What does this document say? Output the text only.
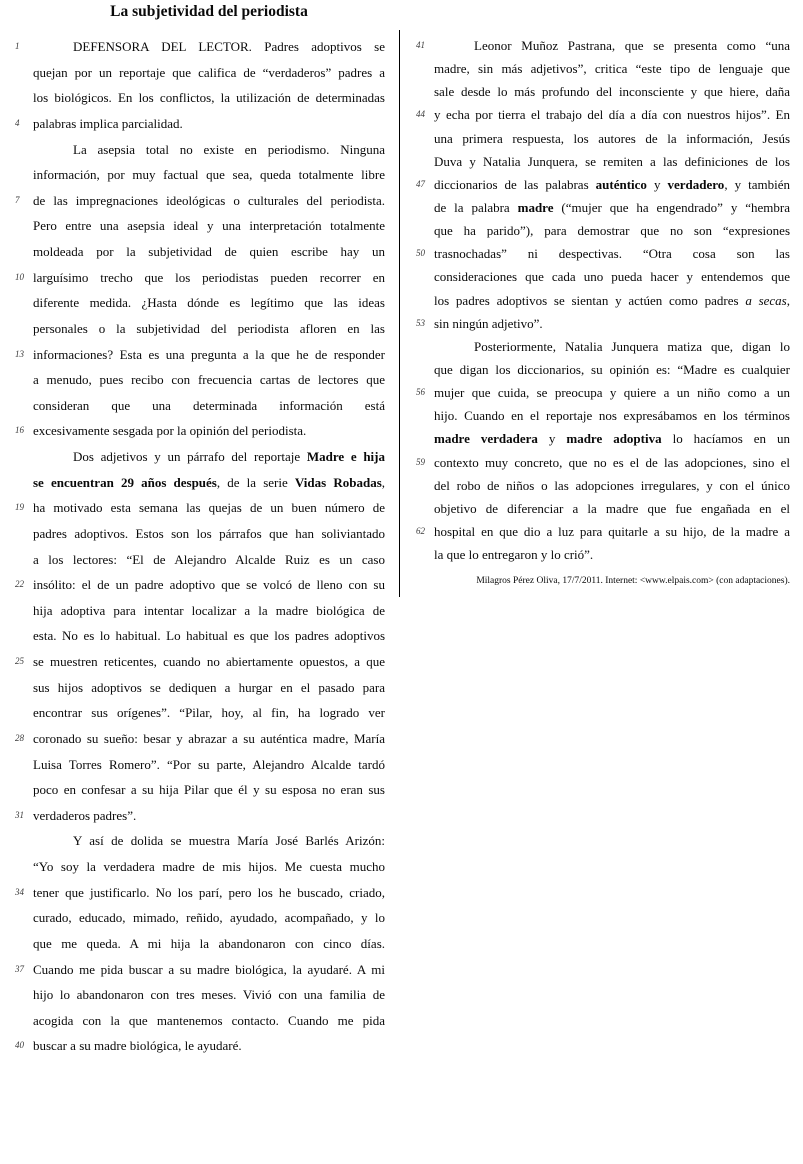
La subjetividad del periodista
1	DEFENSORA DEL LECTOR. Padres adoptivos se
quejan por un reportaje que califica de “verdaderos” padres a
los biológicos. En los conflictos, la utilización de determinadas
4	palabras implica parcialidad.
La asepsia total no existe en periodismo. Ninguna
información, por muy factual que sea, queda totalmente libre
7	de las impregnaciones ideológicas o culturales del periodista.
Pero entre una asepsia ideal y una interpretación totalmente
moldeada por la subjetividad de quien escribe hay un
10 larguísimo trecho que los periodistas pueden recorrer en
diferente medida. ¿Hasta dónde es legítimo que las ideas
personales o la subjetividad del periodista afloren en las
13 informaciones? Esta es una pregunta a la que he de responder
a menudo, pues recibo con frecuencia cartas de lectores que
consideran que una determinada información está
16 excesivamente sesgada por la opinión del periodista.
Dos adjetivos y un párrafo del reportaje Madre e hija
se encuentran 29 años después, de la serie Vidas Robadas,
19 ha motivado esta semana las quejas de un buen número de
padres adoptivos. Estos son los párrafos que han soliviantado
a los lectores: “El de Alejandro Alcalde Ruiz es un caso
22 insólito: el de un padre adoptivo que se volcó de lleno con su
hija adoptiva para intentar localizar a la madre biológica de
esta. No es lo habitual. Lo habitual es que los padres adoptivos
25 se muestren reticentes, cuando no abiertamente opuestos, a que
sus hijos adoptivos se dediquen a hurgar en el pasado para
encontrar sus orígenes”. “Pilar, hoy, al fin, ha logrado ver
28 coronado su sueño: besar y abrazar a su auténtica madre, María
Luisa Torres Romero”. “Por su parte, Alejandro Alcalde tardó
poco en confesar a su hija Pilar que él y su esposa no eran sus
31 verdaderos padres”.
Y así de dolida se muestra María José Barlés Arizón:
“Yo soy la verdadera madre de mis hijos. Me cuesta mucho
34 tener que justificarlo. No los parí, pero los he buscado, criado,
curado, educado, mimado, reñido, ayudado, acompañado, y lo
que me queda. A mi hija la abandonaron con cinco días.
37 Cuando me pida buscar a su madre biológica, la ayudaré. A mi
hijo lo abandonaron con tres meses. Vivió con una familia de
acogida con la que mantenemos contacto. Cuando me pida
40 buscar a su madre biológica, le ayudaré.
41	Leonor Muñoz Pastrana, que se presenta como “una
madre, sin más adjetivos”, critica “este tipo de lenguaje que
sale desde lo más profundo del inconsciente y que hiere, daña
44 y echa por tierra el trabajo del día a día con nuestros hijos”. En
una primera respuesta, los autores de la información, Jesús
Duva y Natalia Junquera, se remiten a las definiciones de los
47 diccionarios de las palabras auténtico y verdadero, y también
de la palabra madre (“mujer que ha engendrado” y “hembra
que ha parido”), para demostrar que no son “expresiones
50 trasnochadas” ni despectivas. “Otra cosa son las
consideraciones que cada uno pueda hacer y entendemos que
los padres adoptivos se sientan y actúen como padres a secas,
53 sin ningún adjetivo”.
Posteriormente, Natalia Junquera matiza que, digan lo
que digan los diccionarios, su opinión es: “Madre es cualquier
56 mujer que cuida, se preocupa y quiere a un niño como a un
hijo. Cuando en el reportaje nos expresábamos en los términos
madre verdadera y madre adoptiva lo hacíamos en un
59 contexto muy concreto, que no es el de las adopciones, sino el
del robo de niños o las adopciones irregulares, y con el único
objetivo de diferenciar a la madre que fue engañada en el
62 hospital en que dio a luz para quitarle a su hijo, de la madre a
la que lo entregaron y lo crió”.
Milagros Pérez Oliva, 17/7/2011. Internet: <www.elpais.com> (con adaptaciones).
